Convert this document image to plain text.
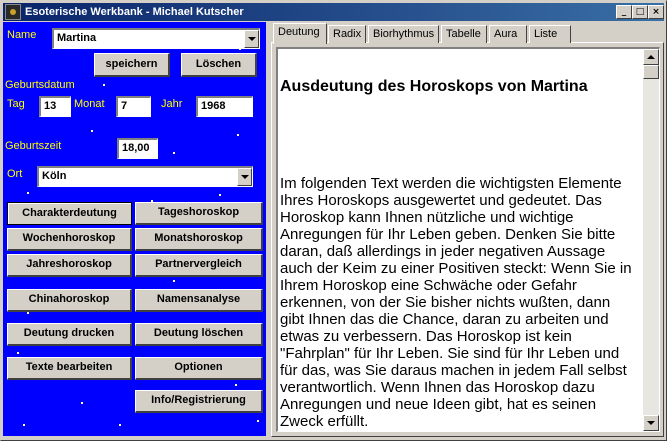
Esoterische Werkbank - Michael Kutscher	_	□ ×
Name	Martina
speichern	Löschen
Geburtsdatum
Tag	13	Monat	7	Jahr	1968
Geburtszeit	18,00
Ort	Köln
Charakterdeutung	Tageshoroskop
Wochenhoroskop	Monatshoroskop
Jahreshoroskop	Partnervergleich
Chinahoroskop	Namensanalyse
Deutung drucken	Deutung löschen
Texte bearbeiten	Optionen
Info/Registrierung
Deutung	Radix	Biorhythmus	Tabelle	Aura	Liste
Ausdeutung des Horoskops von Martina

Im folgenden Text werden die wichtigsten Elemente Ihres Horoskops ausgewertet und gedeutet. Das Horoskop kann Ihnen nützliche und wichtige Anregungen für Ihr Leben geben. Denken Sie bitte daran, daß allerdings in jeder negativen Aussage auch der Keim zu einer Positiven steckt: Wenn Sie in Ihrem Horoskop eine Schwäche oder Gefahr erkennen, von der Sie bisher nichts wußten, dann gibt Ihnen das die Chance, daran zu arbeiten und etwas zu verbessern. Das Horoskop ist kein "Fahrplan" für Ihr Leben. Sie sind für Ihr Leben und für das, was Sie daraus machen in jedem Fall selbst verantwortlich. Wenn Ihnen das Horoskop dazu Anregungen und neue Ideen gibt, hat es seinen Zweck erfüllt.
